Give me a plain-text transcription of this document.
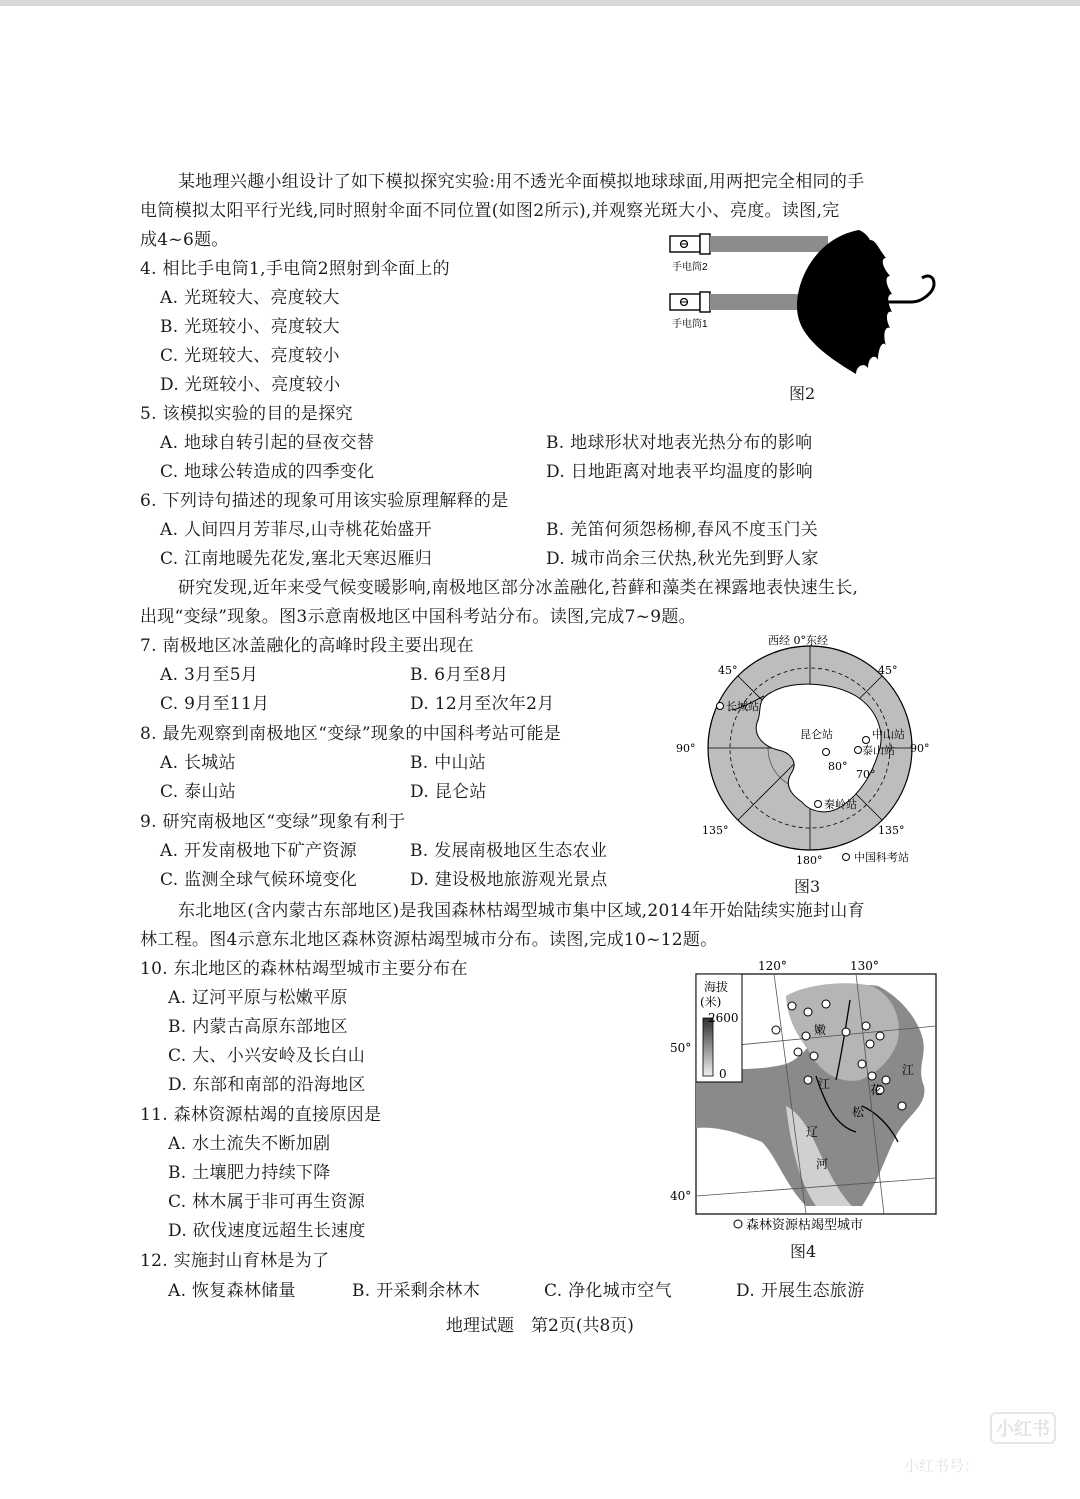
某地理兴趣小组设计了如下模拟探究实验:用不透光伞面模拟地球球面,用两把完全相同的手
电筒模拟太阳平行光线,同时照射伞面不同位置(如图2所示),并观察光斑大小、亮度。读图,完
成4~6题。
手电筒2
手电筒1
图2
4. 相比手电筒1,手电筒2照射到伞面上的
A. 光斑较大、亮度较大
B. 光斑较小、亮度较大
C. 光斑较大、亮度较小
D. 光斑较小、亮度较小
5. 该模拟实验的目的是探究
A. 地球自转引起的昼夜交替	B. 地球形状对地表光热分布的影响
C. 地球公转造成的四季变化	D. 日地距离对地表平均温度的影响
6. 下列诗句描述的现象可用该实验原理解释的是
A. 人间四月芳菲尽,山寺桃花始盛开	B. 羌笛何须怨杨柳,春风不度玉门关
C. 江南地暖先花发,塞北天寒迟雁归	D. 城市尚余三伏热,秋光先到野人家
研究发现,近年来受气候变暖影响,南极地区部分冰盖融化,苔藓和藻类在裸露地表快速生长,
出现“变绿”现象。图3示意南极地区中国科考站分布。读图,完成7~9题。
西经 0°东经
45°	45°
90°	90°
135°	135°
180°
80°
70°
长城站
昆仑站	中山站
泰山站
秦岭站
中国科考站
图3
7. 南极地区冰盖融化的高峰时段主要出现在
A. 3月至5月	B. 6月至8月
C. 9月至11月	D. 12月至次年2月
8. 最先观察到南极地区“变绿”现象的中国科考站可能是
A. 长城站	B. 中山站
C. 泰山站	D. 昆仑站
9. 研究南极地区“变绿”现象有利于
A. 开发南极地下矿产资源	B. 发展南极地区生态农业
C. 监测全球气候环境变化	D. 建设极地旅游观光景点
东北地区(含内蒙古东部地区)是我国森林枯竭型城市集中区域,2014年开始陆续实施封山育
林工程。图4示意东北地区森林资源枯竭型城市分布。读图,完成10~12题。
120°	130°
50°
40°
海拔
(米)
2600
0
嫩
江
松
花
江
辽
河
森林资源枯竭型城市
图4
10. 东北地区的森林枯竭型城市主要分布在
A. 辽河平原与松嫩平原
B. 内蒙古高原东部地区
C. 大、小兴安岭及长白山
D. 东部和南部的沿海地区
11. 森林资源枯竭的直接原因是
A. 水土流失不断加剧
B. 土壤肥力持续下降
C. 林木属于非可再生资源
D. 砍伐速度远超生长速度
12. 实施封山育林是为了
A. 恢复森林储量	B. 开采剩余林木	C. 净化城市空气	D. 开展生态旅游
地理试题　第2页(共8页)
小红书
小红书号：
